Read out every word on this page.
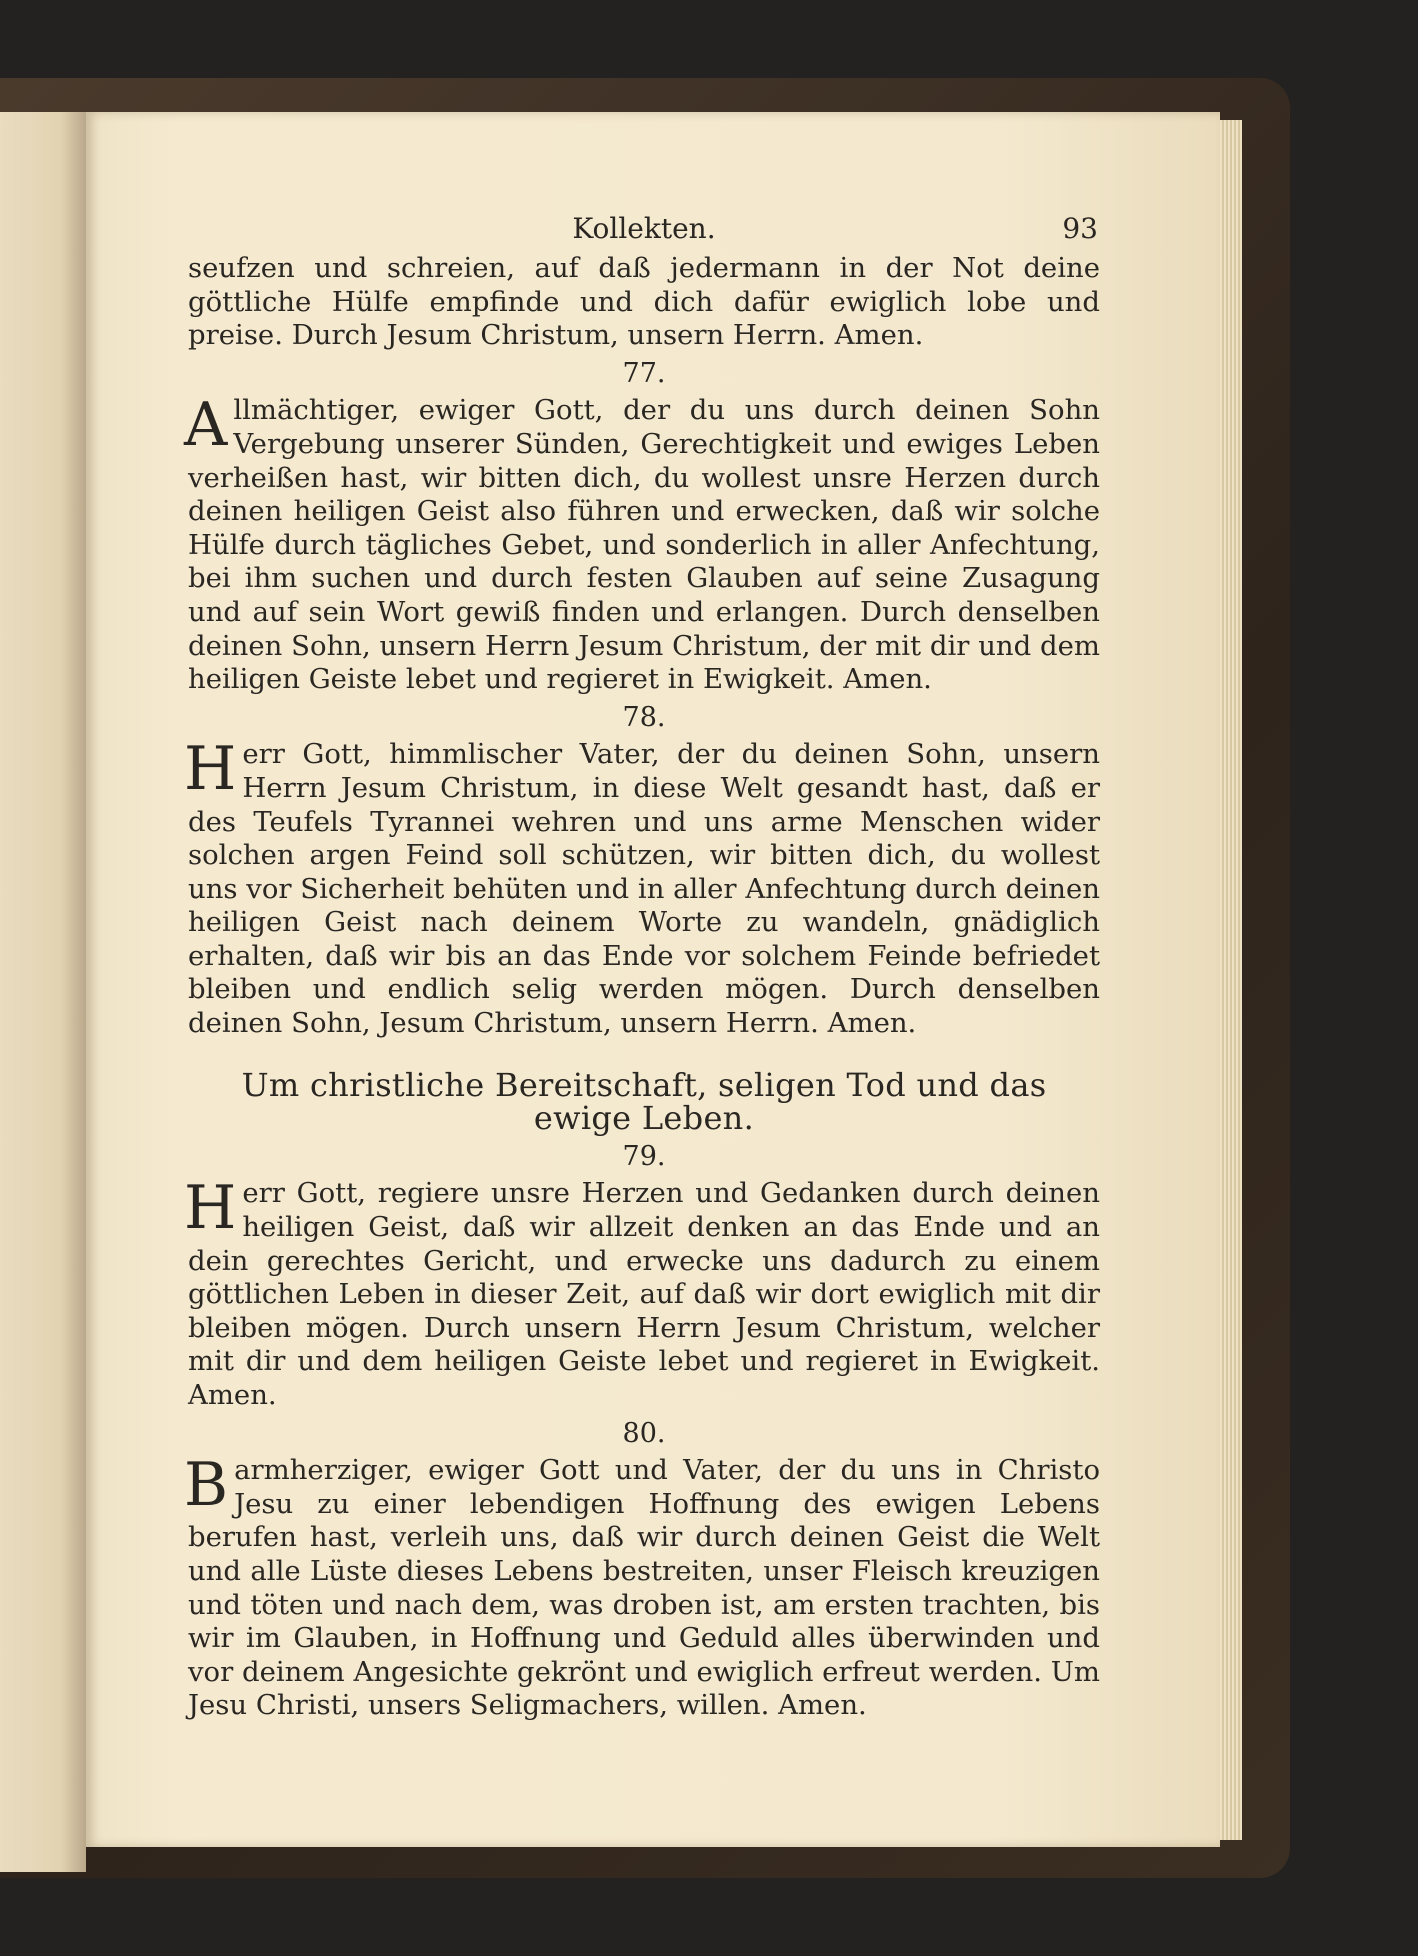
Kollekten.	93

seufzen und schreien, auf daß jedermann in der Not deine göttliche Hülfe empfinde und dich dafür ewiglich lobe und preise. Durch Jesum Christum, unsern Herrn. Amen.

77.

Allmächtiger, ewiger Gott, der du uns durch deinen Sohn Vergebung unserer Sünden, Gerechtigkeit und ewiges Leben verheißen hast, wir bitten dich, du wollest unsre Herzen durch deinen heiligen Geist also führen und erwecken, daß wir solche Hülfe durch tägliches Gebet, und sonderlich in aller Anfechtung, bei ihm suchen und durch festen Glauben auf seine Zusagung und auf sein Wort gewiß finden und erlangen. Durch denselben deinen Sohn, unsern Herrn Jesum Christum, der mit dir und dem heiligen Geiste lebet und regieret in Ewigkeit. Amen.

78.

Herr Gott, himmlischer Vater, der du deinen Sohn, unsern Herrn Jesum Christum, in diese Welt gesandt hast, daß er des Teufels Tyrannei wehren und uns arme Menschen wider solchen argen Feind soll schützen, wir bitten dich, du wollest uns vor Sicherheit behüten und in aller Anfechtung durch deinen heiligen Geist nach deinem Worte zu wandeln, gnädiglich erhalten, daß wir bis an das Ende vor solchem Feinde befriedet bleiben und endlich selig werden mögen. Durch denselben deinen Sohn, Jesum Christum, unsern Herrn. Amen.

Um christliche Bereitschaft, seligen Tod und das ewige Leben.
79.

Herr Gott, regiere unsre Herzen und Gedanken durch deinen heiligen Geist, daß wir allzeit denken an das Ende und an dein gerechtes Gericht, und erwecke uns dadurch zu einem göttlichen Leben in dieser Zeit, auf daß wir dort ewiglich mit dir bleiben mögen. Durch unsern Herrn Jesum Christum, welcher mit dir und dem heiligen Geiste lebet und regieret in Ewigkeit. Amen.

80.

Barmherziger, ewiger Gott und Vater, der du uns in Christo Jesu zu einer lebendigen Hoffnung des ewigen Lebens berufen hast, verleih uns, daß wir durch deinen Geist die Welt und alle Lüste dieses Lebens bestreiten, unser Fleisch kreuzigen und töten und nach dem, was droben ist, am ersten trachten, bis wir im Glauben, in Hoffnung und Geduld alles überwinden und vor deinem Angesichte gekrönt und ewiglich erfreut werden. Um Jesu Christi, unsers Seligmachers, willen. Amen.
